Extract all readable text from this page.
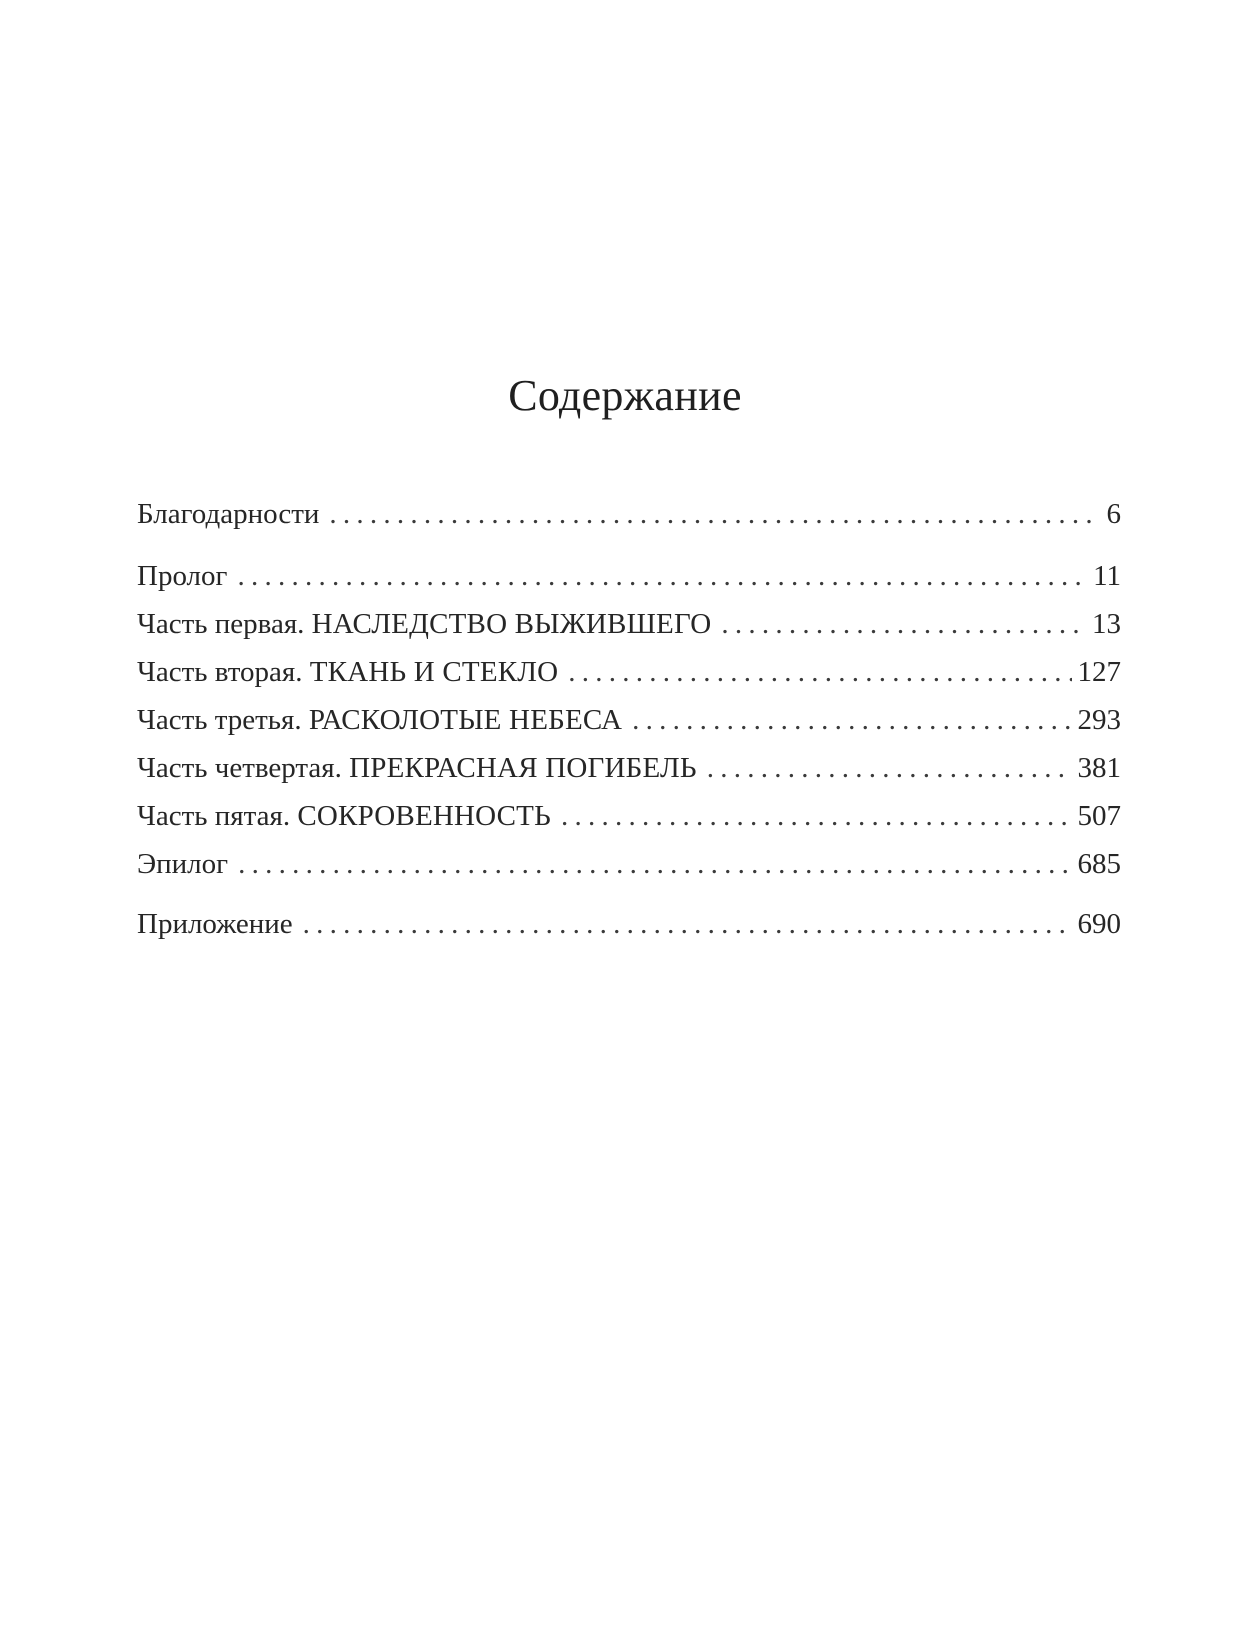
Содержание
Благодарности . . .	6
Пролог . . .	11
Часть первая. НАСЛЕДСТВО ВЫЖИВШЕГО . . .	13
Часть вторая. ТКАНЬ И СТЕКЛО . . .	127
Часть третья. РАСКОЛОТЫЕ НЕБЕСА . . .	293
Часть четвертая. ПРЕКРАСНАЯ ПОГИБЕЛЬ . . .	381
Часть пятая. СОКРОВЕННОСТЬ . . .	507
Эпилог . . .	685
Приложение . . .	690
